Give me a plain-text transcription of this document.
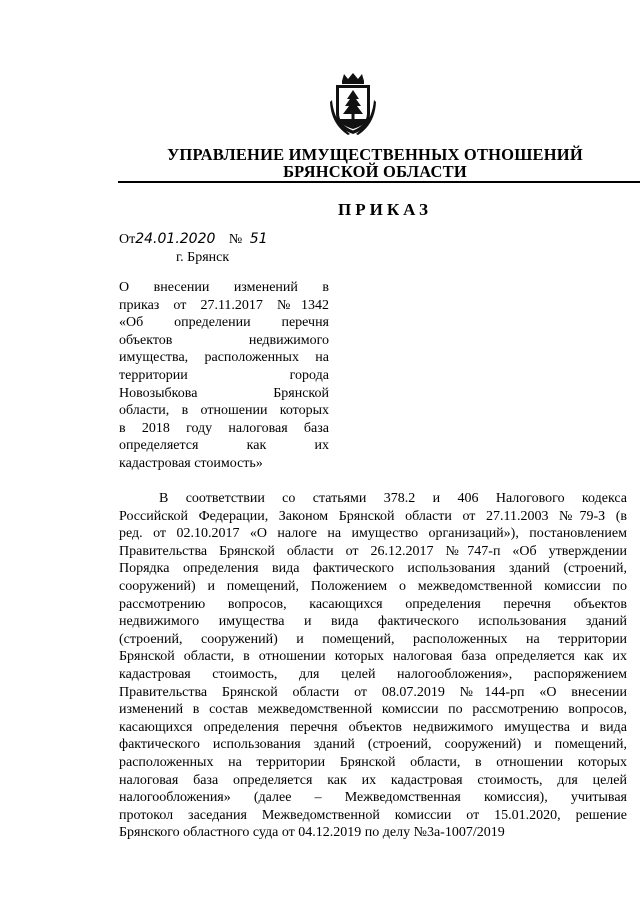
УПРАВЛЕНИЕ ИМУЩЕСТВЕННЫХ ОТНОШЕНИЙ
БРЯНСКОЙ ОБЛАСТИ
ПРИКАЗ
От24.01.2020 № 51
г. Брянск
О внесении изменений в
приказ от 27.11.2017 №1342
«Об определении перечня
объектов недвижимого
имущества, расположенных на
территории города
Новозыбкова Брянской
области, в отношении которых
в 2018 году налоговая база
определяется как их
кадастровая стоимость»
В соответствии со статьями 378.2 и 406 Налогового кодекса
Российской Федерации, Законом Брянской области от 27.11.2003 №79-З (в
ред. от 02.10.2017 «О налоге на имущество организаций»), постановлением
Правительства Брянской области от 26.12.2017 №747-п «Об утверждении
Порядка определения вида фактического использования зданий (строений,
сооружений) и помещений, Положением о межведомственной комиссии по
рассмотрению вопросов, касающихся определения перечня объектов
недвижимого имущества и вида фактического использования зданий
(строений, сооружений) и помещений, расположенных на территории
Брянской области, в отношении которых налоговая база определяется как их
кадастровая стоимость, для целей налогообложения», распоряжением
Правительства Брянской области от 08.07.2019 №144-рп «О внесении
изменений в состав межведомственной комиссии по рассмотрению вопросов,
касающихся определения перечня объектов недвижимого имущества и вида
фактического использования зданий (строений, сооружений) и помещений,
расположенных на территории Брянской области, в отношении которых
налоговая база определяется как их кадастровая стоимость, для целей
налогообложения» (далее – Межведомственная комиссия), учитывая
протокол заседания Межведомственной комиссии от 15.01.2020, решение
Брянского областного суда от 04.12.2019 по делу №3а-1007/2019
